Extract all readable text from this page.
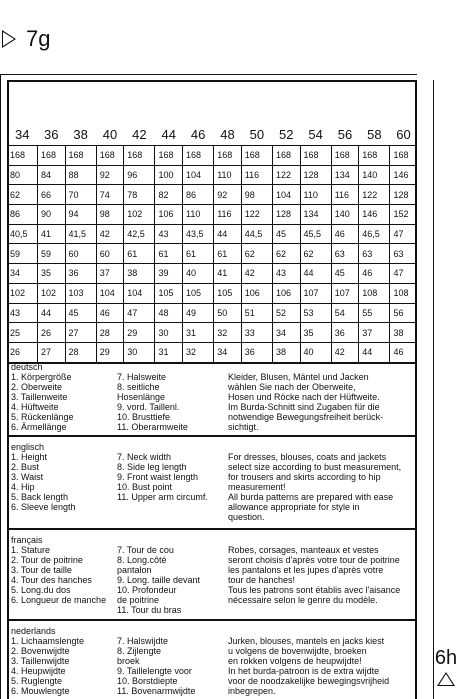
7g
34	36	38	40	42	44	46	48	50	52	54	56	58	60
168	168	168	168	168	168	168	168	168	168	168	168	168	168
80	84	88	92	96	100	104	110	116	122	128	134	140	146
62	66	70	74	78	82	86	92	98	104	110	116	122	128
86	90	94	98	102	106	110	116	122	128	134	140	146	152
40,5	41	41,5	42	42,5	43	43,5	44	44,5	45	45,5	46	46,5	47
59	59	60	60	61	61	61	61	62	62	62	63	63	63
34	35	36	37	38	39	40	41	42	43	44	45	46	47
102	102	103	104	104	105	105	105	106	106	107	107	108	108
43	44	45	46	47	48	49	50	51	52	53	54	55	56
25	26	27	28	29	30	31	32	33	34	35	36	37	38
26	27	28	29	30	31	32	34	36	38	40	42	44	46
deutsch
1. Körpergröße
2. Oberweite
3. Taillenweite
4. Hüftweite
5. Rückenlänge
6. Ärmellänge
7. Halsweite
8. seitliche
Hosenlänge
9. vord. Taillenl.
10. Brusttiefe
11. Oberarmweite
Kleider, Blusen, Mäntel und Jacken
wählen Sie nach der Oberweite,
Hosen und Röcke nach der Hüftweite.
Im Burda-Schnitt sind Zugaben für die
notwendige Bewegungsfreiheit berück-
sichtigt.
englisch
1. Height
2. Bust
3. Waist
4. Hip
5. Back length
6. Sleeve length
7. Neck width
8. Side leg length
9. Front waist length
10. Bust point
11. Upper arm circumf.
For dresses, blouses, coats and jackets
select size according to bust measurement,
for trousers and skirts according to hip
measurement!
All burda patterns are prepared with ease
allowance appropriate for style in
question.
français
1. Stature
2. Tour de poitrine
3. Tour de taille
4. Tour des hanches
5. Long.du dos
6. Longueur de manche
7. Tour de cou
8. Long.côté
pantalon
9. Long. taille devant
10. Profondeur
de poitrine
11. Tour du bras
Robes, corsages, manteaux et vestes
seront choisis d'après votre tour de poitrine
les pantalons et les jupes d'après votre
tour de hanches!
Tous les patrons sont établis avec l'aisance
nécessaire selon le genre du modèle.
nederlands
1. Lichaamslengte
2. Bovenwijdte
3. Taillenwijdte
4. Heupwijdte
5. Ruglengte
6. Mouwlengte
7. Halswijdte
8. Zijlengte
broek
9. Taillelengte voor
10. Borstdiepte
11. Bovenarmwijdte
Jurken, blouses, mantels en jacks kiest
u volgens de bovenwijdte, broeken
en rokken volgens de heupwijdte!
In het burda-patroon is de extra wijdte
voor de noodzakelijke bewegingsvrijheid
inbegrepen.
6h
